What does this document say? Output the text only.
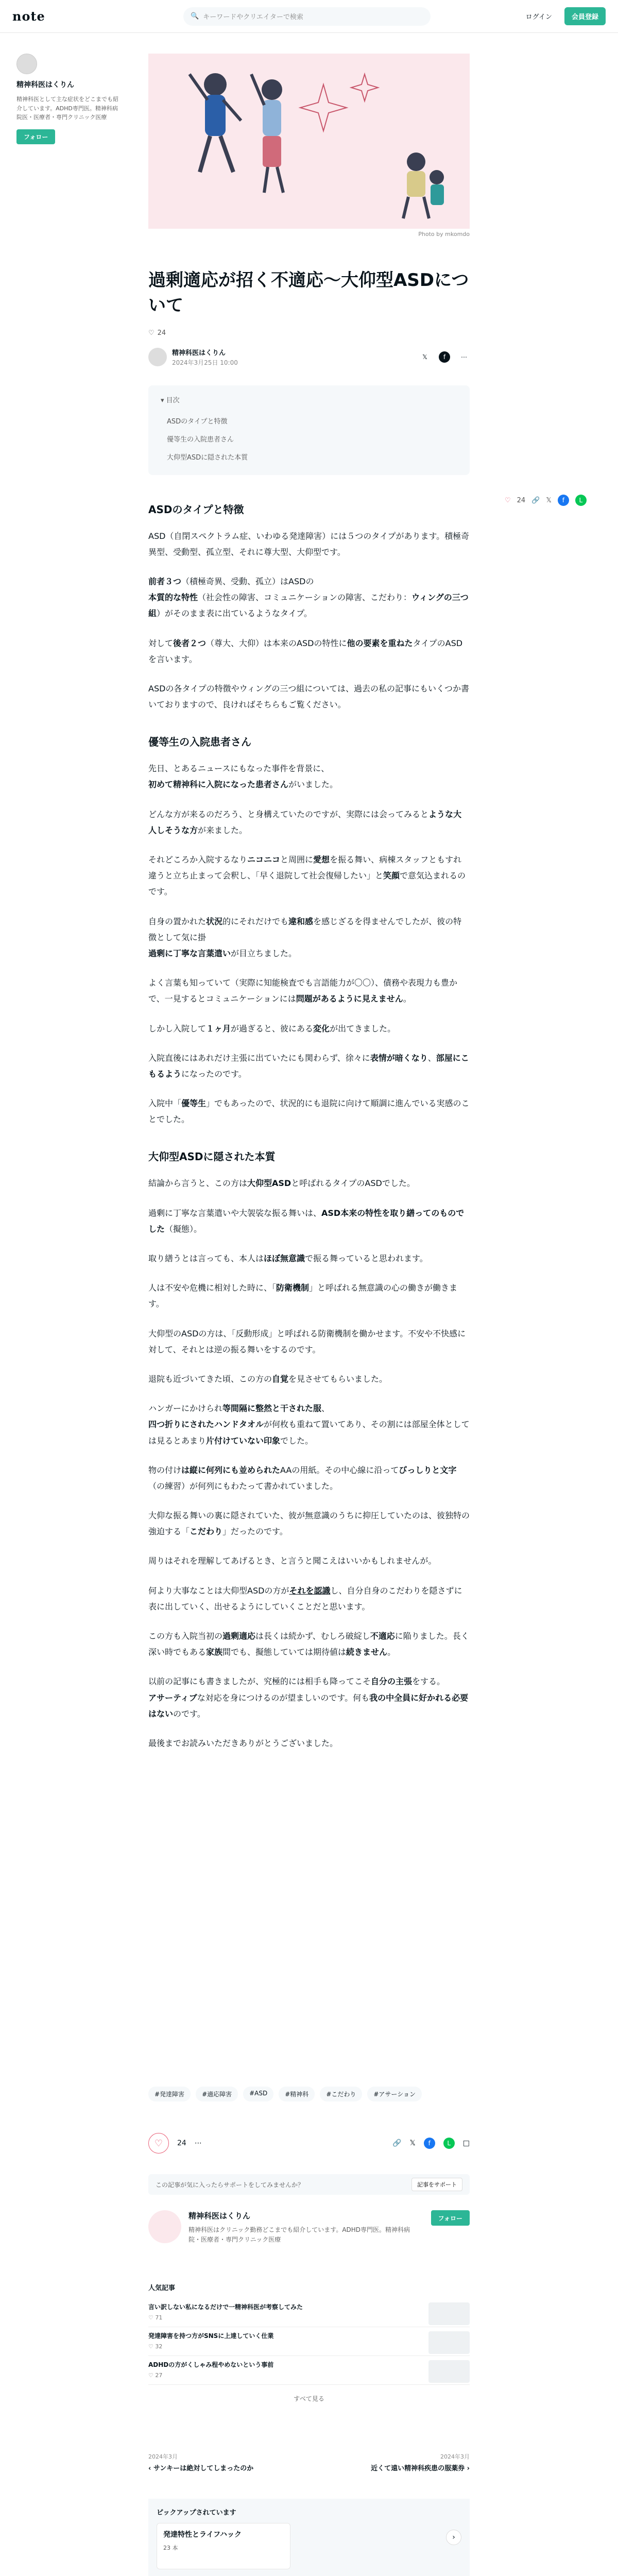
note	🔍 キーワードやクリエイターで検索	ログイン	会員登録
精神科医はくりん
精神科医として主な症状をどこまでも紹介しています。ADHD専門医。精神科病院医・医療者・専門クリニック医療
フォロー
Photo by mkomdo
過剰適応が招く不適応〜大仰型ASDについて
♡ 24
精神科医はくりん
2024年3月25日 10:00
𝕏	f	⋯
▾ 目次
ASDのタイプと特徴
優等生の入院患者さん
大仰型ASDに隠された本質
ASDのタイプと特徴

ASD（自閉スペクトラム症、いわゆる発達障害）には５つのタイプがあります。積極奇異型、受動型、孤立型、それに尊大型、大仰型です。

前者３つ（積極奇異、受動、孤立）はASDの
本質的な特性（社会性の障害、コミュニケーションの障害、こだわり：ウィングの三つ組）がそのまま表に出ているようなタイプ。

対して後者２つ（尊大、大仰）は本来のASDの特性に他の要素を重ねたタイプのASDを言います。

ASDの各タイプの特徴やウィングの三つ組については、過去の私の記事にもいくつか書いておりますので、良ければそちらもご覧ください。

優等生の入院患者さん

先日、とあるニュースにもなった事件を背景に、
初めて精神科に入院になった患者さんがいました。

どんな方が来るのだろう、と身構えていたのですが、実際には会ってみるとような大人しそうな方が来ました。

それどころか入院するなりニコニコと周囲に愛想を振る舞い、病棟スタッフともすれ違うと立ち止まって会釈し、「早く退院して社会復帰したい」と笑顔で意気込まれるのです。

自身の置かれた状況的にそれだけでも違和感を感じざるを得ませんでしたが、彼の特徴として気に掛
過剰に丁寧な言葉遣いが目立ちました。

よく言葉も知っていて（実際に知能検査でも言語能力が〇〇）、債務や表現力も豊かで、一見するとコミュニケーションには問題があるように見えません。

しかし入院して１ヶ月が過ぎると、彼にある変化が出てきました。

入院直後にはあれだけ主張に出ていたにも関わらず、徐々に表情が暗くなり、部屋にこもるようになったのです。

入院中「優等生」でもあったので、状況的にも退院に向けて順調に進んでいる実感のことでした。

大仰型ASDに隠された本質

結論から言うと、この方は大仰型ASDと呼ばれるタイプのASDでした。

過剰に丁寧な言葉遣いや大袈裟な振る舞いは、ASD本来の特性を取り繕ってのものでした（擬態）。

取り繕うとは言っても、本人はほぼ無意識で振る舞っていると思われます。

人は不安や危機に相対した時に、「防衛機制」と呼ばれる無意識の心の働きが働きます。

大仰型のASDの方は、「反動形成」と呼ばれる防衛機制を働かせます。不安や不快感に対して、それとは逆の振る舞いをするのです。

退院も近づいてきた頃、この方の自覚を見させてもらいました。

ハンガーにかけられ等間隔に整然と干された服、
四つ折りにされたハンドタオルが何枚も重ねて置いてあり、その割には部屋全体としては見るとあまり片付けていない印象でした。

物の付けは縦に何列にも並められたAAの用紙。その中心線に沿ってびっしりと文字（の練習）が何列にもわたって書かれていました。

大仰な振る舞いの裏に隠されていた、彼が無意識のうちに抑圧していたのは、彼独特の強迫する「こだわり」だったのです。

周りはそれを理解してあげるとき、と言うと聞こえはいいかもしれませんが。

何より大事なことは大仰型ASDの方がそれを認識し、自分自身のこだわりを隠さずに表に出していく、出せるようにしていくことだと思います。

この方も入院当初の過剰適応は長くは続かず、むしろ破綻し不適応に陥りました。長く深い時でもある家族間でも、擬態していては期待値は続きません。

以前の記事にも書きましたが、究極的には相手も降ってこそ自分の主張をする。
アサーティブな対応を身につけるのが望ましいのです。何も我の中全員に好かれる必要はないのです。

最後までお読みいただきありがとうございました。

♡ 24 🔗 𝕏	f	L
#発達障害	#適応障害	#ASD	#精神科	#こだわり	#アサーション
♡ 24 ⋯	🔗 𝕏	f	L	□
この記事が気に入ったらサポートをしてみませんか？	記事をサポート
精神科医はくりん
精神科医はクリニック勤務どこまでも紹介しています。ADHD専門医。精神科病院・医療者・専門クリニック医療
フォロー
人気記事
言い訳しない私になるだけで一精神科医が考察してみた
♡ 71
発達障害を持つ方がSNSに上達していく仕業
♡ 32
ADHDの方がくしゃみ程やめないという事前
♡ 27
すべて見る
2024年3月
‹ サンキーは絶対してしまったのか
2024年3月
近くて遠い精神科疾患の服薬券 ›
ピックアップされています
発達特性とライフハック
23 本
›
